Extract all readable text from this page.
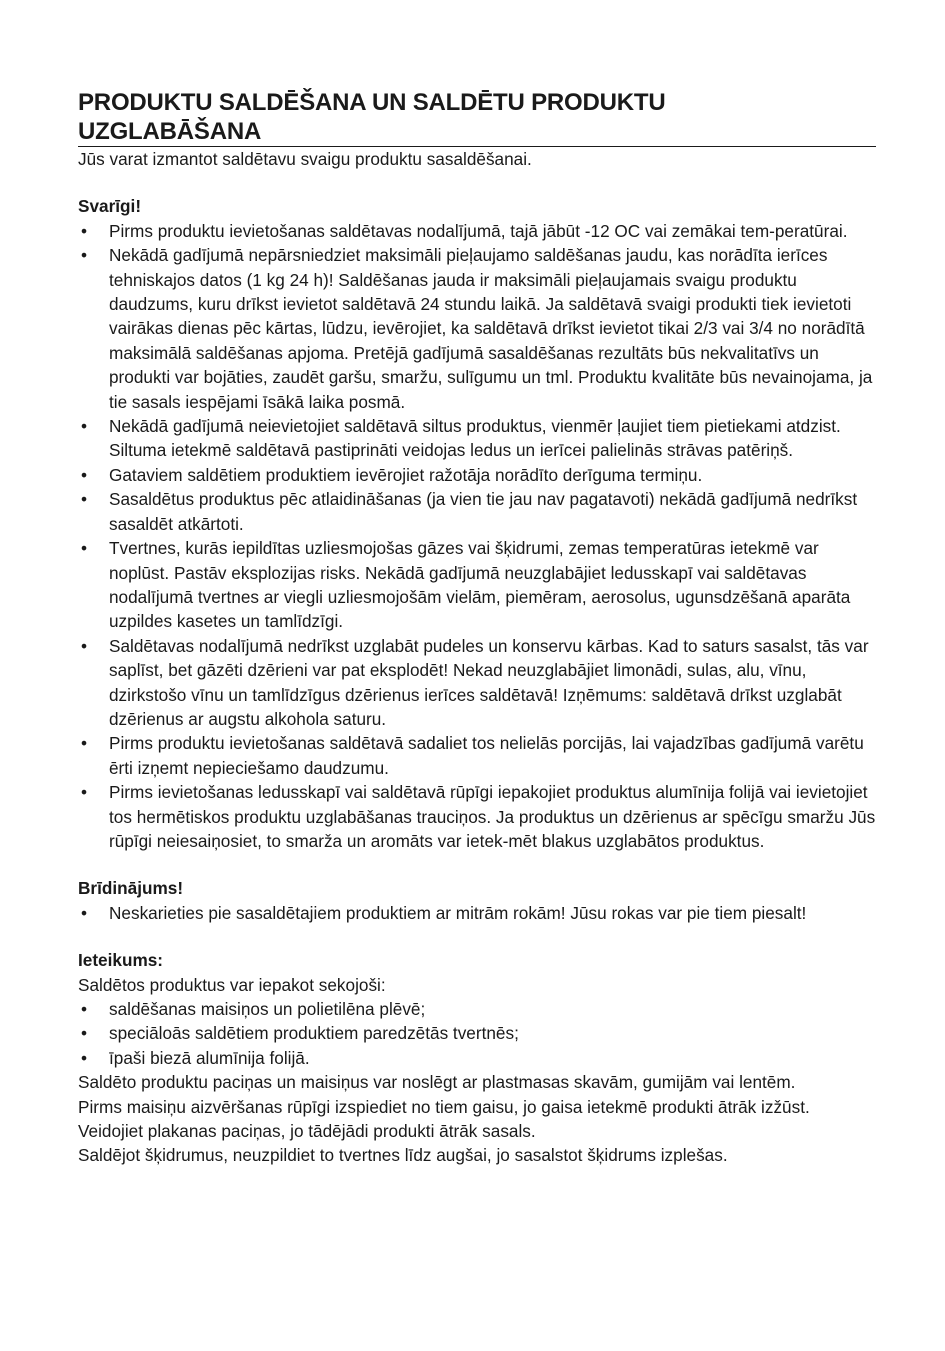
PRODUKTU SALDĒŠANA UN SALDĒTU PRODUKTU
UZGLABĀŠANA

Jūs varat izmantot saldētavu svaigu produktu sasaldēšanai.

Svarīgi!

• Pirms produktu ievietošanas saldētavas nodalījumā, tajā jābūt -12 OC vai zemākai tem-peratūrai.
• Nekādā gadījumā nepārsniedziet maksimāli pieļaujamo saldēšanas jaudu, kas norādīta ierīces tehniskajos datos (1 kg 24 h)! Saldēšanas jauda ir maksimāli pieļaujamais svaigu produktu daudzums, kuru drīkst ievietot saldētavā 24 stundu laikā. Ja saldētavā svaigi produkti tiek ievietoti vairākas dienas pēc kārtas, lūdzu, ievērojiet, ka saldētavā drīkst ievietot tikai 2/3 vai 3/4 no norādītā maksimālā saldēšanas apjoma. Pretējā gadījumā sasaldēšanas rezultāts būs nekvalitatīvs un produkti var bojāties, zaudēt garšu, smaržu, sulīgumu un tml. Produktu kvalitāte būs nevainojama, ja tie sasals iespējami īsākā laika posmā.
• Nekādā gadījumā neievietojiet saldētavā siltus produktus, vienmēr ļaujiet tiem pietiekami atdzist. Siltuma ietekmē saldētavā pastiprināti veidojas ledus un ierīcei palielinās strāvas patēriņš.
• Gataviem saldētiem produktiem ievērojiet ražotāja norādīto derīguma termiņu.
• Sasaldētus produktus pēc atlaidināšanas (ja vien tie jau nav pagatavoti) nekādā gadījumā nedrīkst sasaldēt atkārtoti.
• Tvertnes, kurās iepildītas uzliesmojošas gāzes vai šķidrumi, zemas temperatūras ietekmē var noplūst. Pastāv eksplozijas risks. Nekādā gadījumā neuzglabājiet ledusskapī vai saldētavas nodalījumā tvertnes ar viegli uzliesmojošām vielām, piemēram, aerosolus, ugunsdzēšanā aparāta uzpildes kasetes un tamlīdzīgi.
• Saldētavas nodalījumā nedrīkst uzglabāt pudeles un konservu kārbas. Kad to saturs sasalst, tās var saplīst, bet gāzēti dzērieni var pat eksplodēt! Nekad neuzglabājiet limonādi, sulas, alu, vīnu, dzirkstošo vīnu un tamlīdzīgus dzērienus ierīces saldētavā! Izņēmums: saldētavā drīkst uzglabāt dzērienus ar augstu alkohola saturu.
• Pirms produktu ievietošanas saldētavā sadaliet tos nelielās porcijās, lai vajadzības gadījumā varētu ērti izņemt nepieciešamo daudzumu.
• Pirms ievietošanas ledusskapī vai saldētavā rūpīgi iepakojiet produktus alumīnija folijā vai ievietojiet tos hermētiskos produktu uzglabāšanas trauciņos. Ja produktus un dzērienus ar spēcīgu smaržu Jūs rūpīgi neiesaiņosiet, to smarža un aromāts var ietek-mēt blakus uzglabātos produktus.

Brīdinājums!

• Neskarieties pie sasaldētajiem produktiem ar mitrām rokām! Jūsu rokas var pie tiem piesalt!

Ieteikums:

Saldētos produktus var iepakot sekojoši:

• saldēšanas maisiņos un polietilēna plēvē;
• speciāloās saldētiem produktiem paredzētās tvertnēs;
• īpaši biezā alumīnija folijā.

Saldēto produktu paciņas un maisiņus var noslēgt ar plastmasas skavām, gumijām vai lentēm.

Pirms maisiņu aizvēršanas rūpīgi izspiediet no tiem gaisu, jo gaisa ietekmē produkti ātrāk izžūst.

Veidojiet plakanas paciņas, jo tādējādi produkti ātrāk sasals.

Saldējot šķidrumus, neuzpildiet to tvertnes līdz augšai, jo sasalstot šķidrums izplešas.
